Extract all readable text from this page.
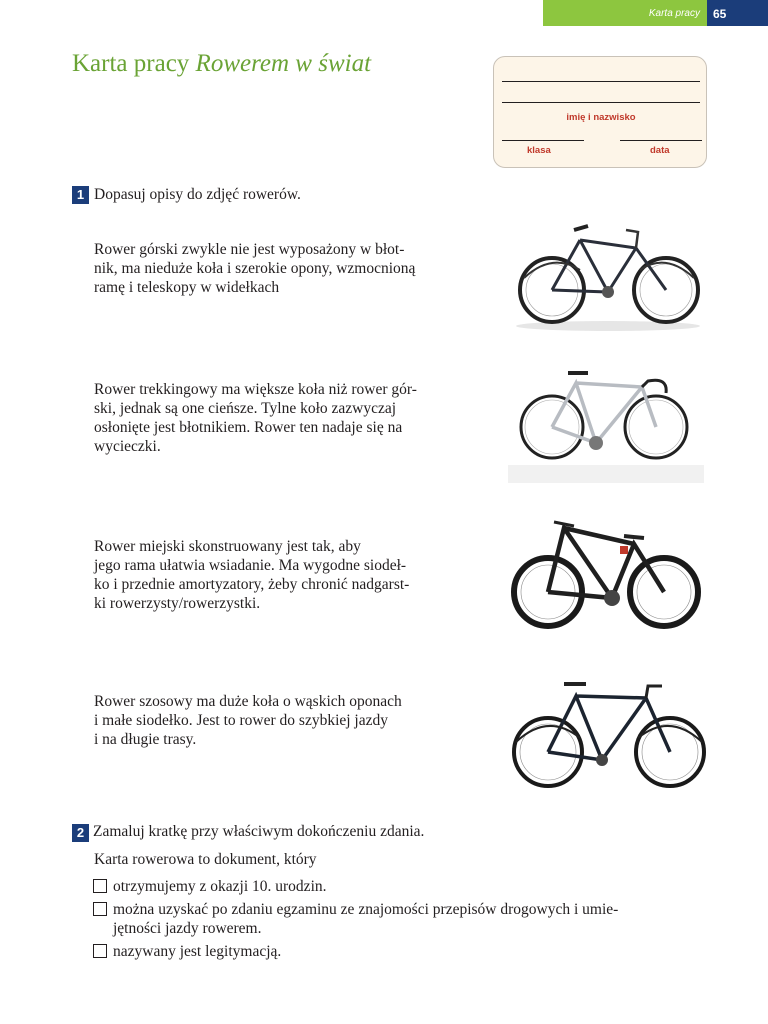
Karta pracy 65
Karta pracy Rowerem w świat
imię i nazwisko
klasa	data
1 Dopasuj opisy do zdjęć rowerów.
Rower górski zwykle nie jest wyposażony w błot-
nik, ma nieduże koła i szerokie opony, wzmocnioną
ramę i teleskopy w widełkach
Rower trekkingowy ma większe koła niż rower gór-
ski, jednak są one cieńsze. Tylne koło zazwyczaj
osłonięte jest błotnikiem. Rower ten nadaje się na
wycieczki.
Rower miejski skonstruowany jest tak, aby
jego rama ułatwia wsiadanie. Ma wygodne siodeł-
ko i przednie amortyzatory, żeby chronić nadgarst-
ki rowerzysty/rowerzystki.
Rower szosowy ma duże koła o wąskich oponach
i małe siodełko. Jest to rower do szybkiej jazdy
i na długie trasy.
2 Zamaluj kratkę przy właściwym dokończeniu zdania.
Karta rowerowa to dokument, który
otrzymujemy z okazji 10. urodzin.
można uzyskać po zdaniu egzaminu ze znajomości przepisów drogowych i umie-
jętności jazdy rowerem.
nazywany jest legitymacją.
